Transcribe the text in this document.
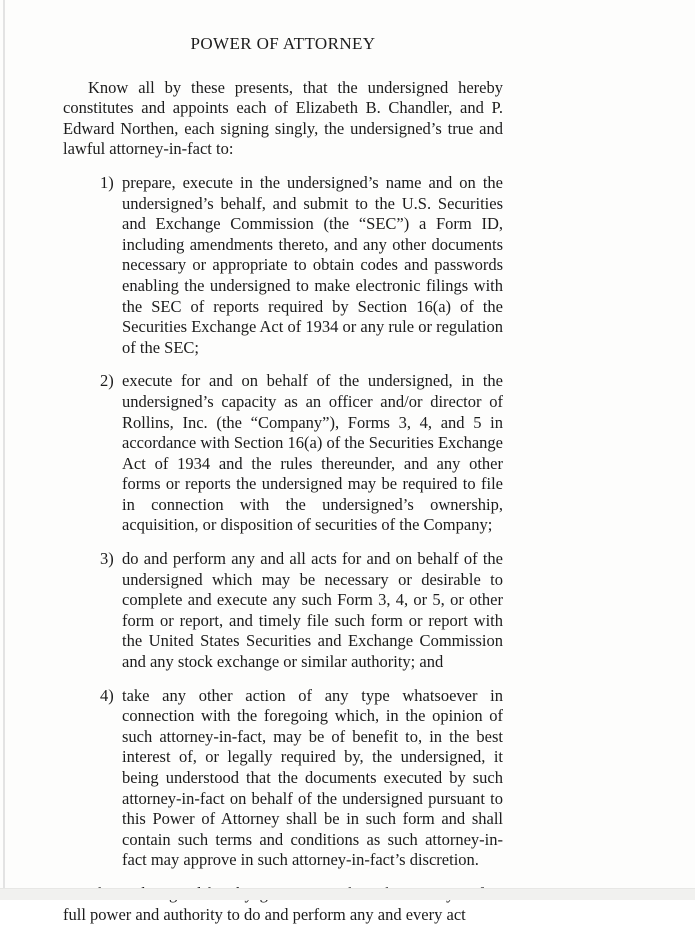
POWER OF ATTORNEY

Know all by these presents, that the undersigned hereby constitutes and appoints each of Elizabeth B. Chandler, and P. Edward Northen, each signing singly, the undersigned’s true and lawful attorney-in-fact to:

1) prepare, execute in the undersigned’s name and on the undersigned’s behalf, and submit to the U.S. Securities and Exchange Commission (the “SEC”) a Form ID, including amendments thereto, and any other documents necessary or appropriate to obtain codes and passwords enabling the undersigned to make electronic filings with the SEC of reports required by Section 16(a) of the Securities Exchange Act of 1934 or any rule or regulation of the SEC;
2) execute for and on behalf of the undersigned, in the undersigned’s capacity as an officer and/or director of Rollins, Inc. (the “Company”), Forms 3, 4, and 5 in accordance with Section 16(a) of the Securities Exchange Act of 1934 and the rules thereunder, and any other forms or reports the undersigned may be required to file in connection with the undersigned’s ownership, acquisition, or disposition of securities of the Company;
3) do and perform any and all acts for and on behalf of the undersigned which may be necessary or desirable to complete and execute any such Form 3, 4, or 5, or other form or report, and timely file such form or report with the United States Securities and Exchange Commission and any stock exchange or similar authority; and
4) take any other action of any type whatsoever in connection with the foregoing which, in the opinion of such attorney-in-fact, may be of benefit to, in the best interest of, or legally required by, the undersigned, it being understood that the documents executed by such attorney-in-fact on behalf of the undersigned pursuant to this Power of Attorney shall be in such form and shall contain such terms and conditions as such attorney-in-fact may approve in such attorney-in-fact’s discretion.

full power and authority to do and perform any and every act
